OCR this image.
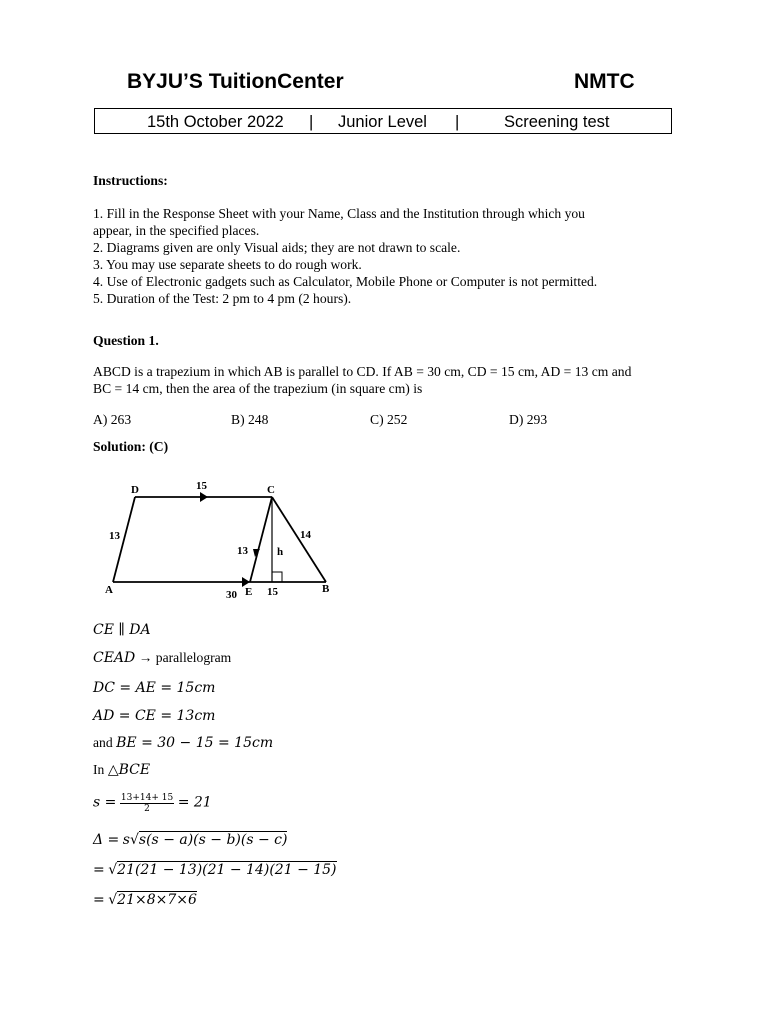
BYJU’S TuitionCenter	NMTC
15th October 2022 | Junior Level |	Screening test
Instructions:
1. Fill in the Response Sheet with your Name, Class and the Institution through which you
appear, in the specified places.
2. Diagrams given are only Visual aids; they are not drawn to scale.
3. You may use separate sheets to do rough work.
4. Use of Electronic gadgets such as Calculator, Mobile Phone or Computer is not permitted.
5. Duration of the Test: 2 pm to 4 pm (2 hours).
Question 1.
ABCD is a trapezium in which AB is parallel to CD. If AB = 30 cm, CD = 15 cm, AD = 13 cm and
BC = 14 cm, then the area of the trapezium (in square cm) is
A) 263	B) 248	C) 252	D) 293
Solution: (C)
D	C
A	B
E
15
13
13
14
h
30	15
CE ∥ DA
CEAD → parallelogram
DC = AE = 15cm
AD = CE = 13cm
and BE = 30 − 15 = 15cm
In △BCE
$s = \frac{13+14+ 15}{2} = 21$
Δ = s√s(s − a)(s − b)(s − c)
= √21(21 − 13)(21 − 14)(21 − 15)
= √21×8×7×6
